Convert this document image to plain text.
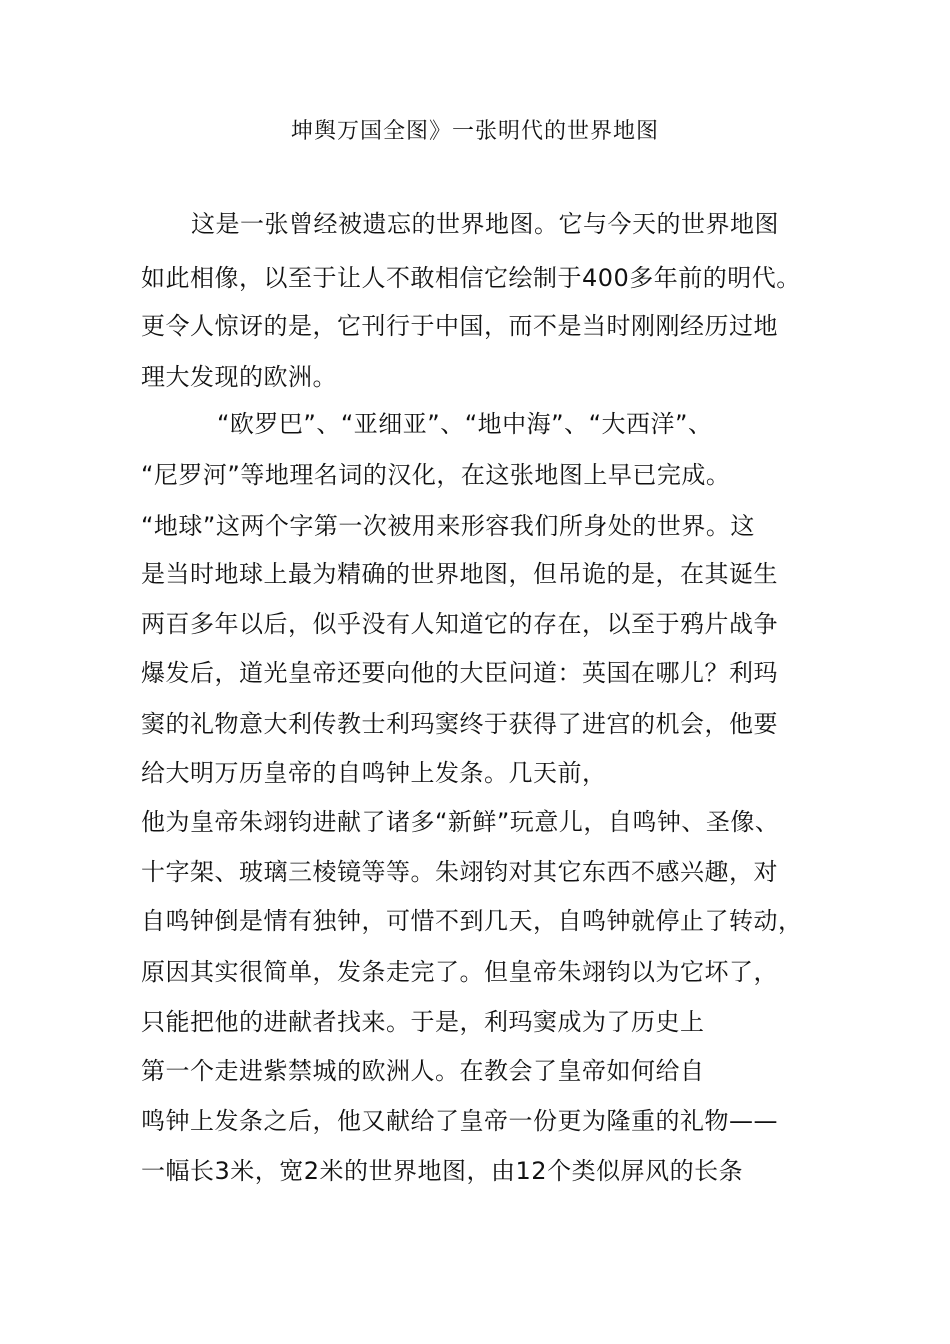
坤舆万国全图》一张明代的世界地图
这是一张曾经被遗忘的世界地图。它与今天的世界地图
如此相像，以至于让人不敢相信它绘制于400多年前的明代。
更令人惊讶的是，它刊行于中国，而不是当时刚刚经历过地
理大发现的欧洲。
“欧罗巴”、“亚细亚”、“地中海”、“大西洋”、
“尼罗河”等地理名词的汉化，在这张地图上早已完成。
“地球”这两个字第一次被用来形容我们所身处的世界。这
是当时地球上最为精确的世界地图，但吊诡的是，在其诞生
两百多年以后，似乎没有人知道它的存在，以至于鸦片战争
爆发后，道光皇帝还要向他的大臣问道：英国在哪儿？利玛
窦的礼物意大利传教士利玛窦终于获得了进宫的机会，他要
给大明万历皇帝的自鸣钟上发条。几天前，
他为皇帝朱翊钧进献了诸多“新鲜”玩意儿，自鸣钟、圣像、
十字架、玻璃三棱镜等等。朱翊钧对其它东西不感兴趣，对
自鸣钟倒是情有独钟，可惜不到几天，自鸣钟就停止了转动，
原因其实很简单，发条走完了。但皇帝朱翊钧以为它坏了，
只能把他的进献者找来。于是，利玛窦成为了历史上
第一个走进紫禁城的欧洲人。在教会了皇帝如何给自
鸣钟上发条之后，他又献给了皇帝一份更为隆重的礼物——
一幅长3米，宽2米的世界地图，由12个类似屏风的长条
